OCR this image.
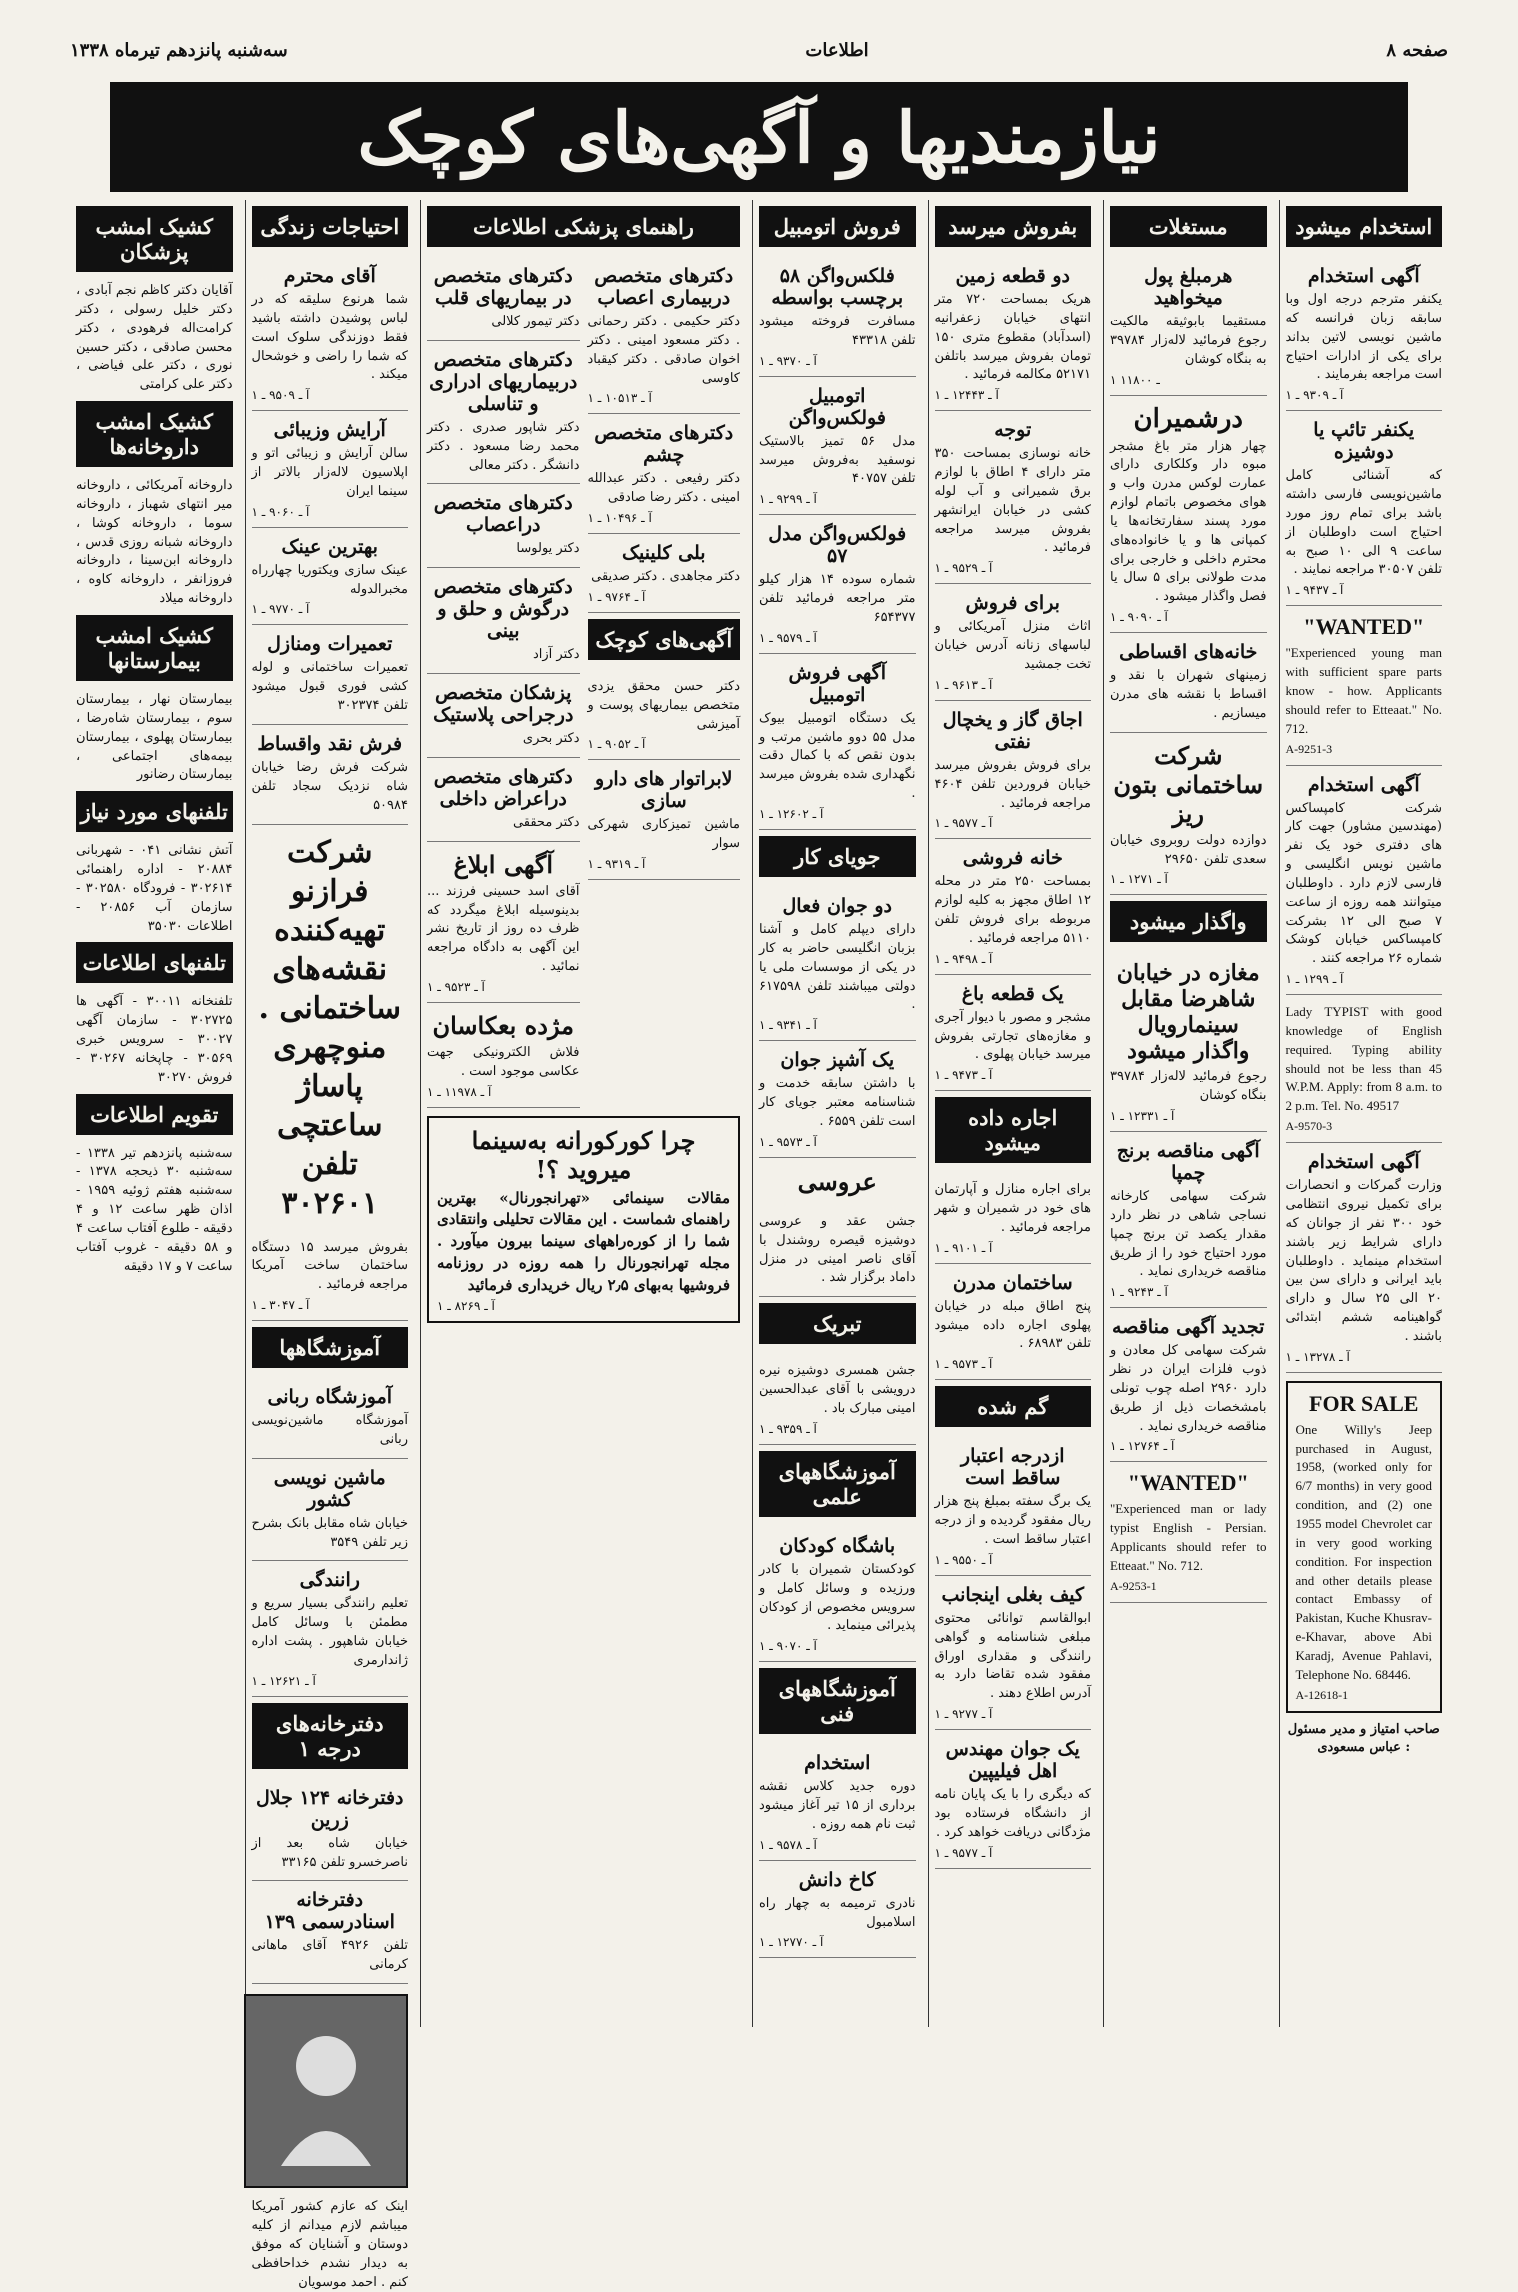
صفحه ۸
اطلاعات
سه‌شنبه پانزدهم تیرماه ۱۳۳۸
نیازمندیها و آگهی‌های کوچک
استخدام میشود
آگهی استخدام
یکنفر مترجم درجه اول وبا سابقه زبان فرانسه که ماشین نویسی لاتین بداند برای یکی از ادارات احتیاج است مراجعه بفرمایند .
آ ـ ۹۳۰۹ ـ ۱
یکنفر تائپ یا دوشیزه
که آشنائی کامل ماشین‌نویسی فارسی داشته باشد برای تمام روز مورد احتیاج است داوطلبان از ساعت ۹ الی ۱۰ صبح به تلفن ۳۰۵۰۷ مراجعه نمایند .
آ ـ ۹۴۳۷ ـ ۱
"WANTED"
"Experienced young man with sufficient spare parts know - how. Applicants should refer to Etteaat." No. 712.
A-9251-3
آگهی استخدام
شرکت کامپساکس (مهندسین مشاور) جهت کار های دفتری خود یک نفر ماشین نویس انگلیسی و فارسی لازم دارد . داوطلبان میتوانند همه روزه از ساعت ۷ صبح الی ۱۲ بشرکت کامپساکس خیابان کوشک شماره ۲۶ مراجعه کنند .
آ ـ ۱۲۹۹ ـ ۱
Lady TYPIST with good knowledge of English required. Typing ability should not be less than 45 W.P.M. Apply: from 8 a.m. to 2 p.m. Tel. No. 49517
A-9570-3
آگهی استخدام
وزارت گمرکات و انحصارات برای تکمیل نیروی انتظامی خود ۳۰۰ نفر از جوانان که دارای شرایط زیر باشند استخدام مینماید . داوطلبان باید ایرانی و دارای سن بین ۲۰ الی ۲۵ سال و دارای گواهینامه ششم ابتدائی باشند .
آ ـ ۱۳۲۷۸ ـ ۱
FOR SALE
One Willy's Jeep purchased in August, 1958, (worked only for 6/7 months) in very good condition, and (2) one 1955 model Chevrolet car in very good working condition. For inspection and other details please contact Embassy of Pakistan, Kuche Khusrav-e-Khavar, above Abi Karadj, Avenue Pahlavi, Telephone No. 68446.
A-12618-1
صاحب امتیاز و مدیر مسئول : عباس مسعودی
مستغلات
هرمبلغ پول میخواهید
مستقیما بابوثیقه مالکیت رجوع فرمائید لاله‌زار ۳۹۷۸۴ به بنگاه کوشان
۱ ـ ۱۱۸۰۰
درشمیران
چهار هزار متر باغ مشجر مبوه دار وکلکاری دارای عمارت لوکس مدرن واب و هوای مخصوص باتمام لوازم مورد پسند سفارتخانه‌ها یا کمپانی ها و یا خانواده‌های محترم داخلی و خارجی برای مدت طولانی برای ۵ سال یا فصل واگذار میشود .
آ ـ ۹۰۹۰ ـ ۱
خانه‌های اقساطی
زمینهای شهران با نقد و اقساط با نقشه های مدرن میسازیم .
شرکت ساختمانی بتون ریز
دوازده دولت روبروی خیابان سعدی تلفن ۲۹۶۵۰
آ ـ ۱۲۷۱ ـ ۱
واگذار میشود
مغازه در خیابان شاهرضا مقابل سینمارویال واگذار میشود
رجوع فرمائید لاله‌زار ۳۹۷۸۴ بنگاه کوشان
آ ـ ۱۲۳۳۱ ـ ۱
آگهی مناقصه برنج چمپا
شرکت سهامی کارخانه نساجی شاهی در نظر دارد مقدار یکصد تن برنج چمپا مورد احتیاج خود را از طریق مناقصه خریداری نماید .
آ ـ ۹۲۴۳ ـ ۱
تجدید آگهی مناقصه
شرکت سهامی کل معادن و ذوب فلزات ایران در نظر دارد ۲۹۶۰ اصله چوب تونلی بامشخصات ذیل از طریق مناقصه خریداری نماید .
آ ـ ۱۲۷۶۴ ـ ۱
"WANTED"
"Experienced man or lady typist English - Persian. Applicants should refer to Etteaat." No. 712.
A-9253-1
بفروش میرسد
دو قطعه زمین
هریک بمساحت ۷۲۰ متر انتهای خیابان زعفرانیه (اسدآباد) مقطوع متری ۱۵۰ تومان بفروش میرسد باتلفن ۵۲۱۷۱ مکالمه فرمائید .
آ ـ ۱۲۴۴۳ ـ ۱
توجه
خانه نوسازی بمساحت ۳۵۰ متر دارای ۴ اطاق با لوازم برق شمیرانی و آب لوله کشی در خیابان ایرانشهر بفروش میرسد مراجعه فرمائید .
آ ـ ۹۵۲۹ ـ ۱
برای فروش
اثاث منزل آمریکائی و لباسهای زنانه آدرس خیابان تخت جمشید
آ ـ ۹۶۱۳ ـ ۱
اجاق گاز و یخچال نفتی
برای فروش بفروش میرسد خیابان فروردین تلفن ۴۶۰۴ مراجعه فرمائید .
آ ـ ۹۵۷۷ ـ ۱
خانه فروشی
بمساحت ۲۵۰ متر در محله ۱۲ اطاق مجهز به کلیه لوازم مربوطه برای فروش تلفن ۵۱۱۰ مراجعه فرمائید .
آ ـ ۹۴۹۸ ـ ۱
یک قطعه باغ
مشجر و مصور با دیوار آجری و مغازه‌های تجارتی بفروش میرسد خیابان پهلوی .
آ ـ ۹۴۷۳ ـ ۱
اجاره داده میشود
برای اجاره منازل و آپارتمان های خود در شمیران و شهر مراجعه فرمائید .
آ ـ ۹۱۰۱ ـ ۱
ساختمان مدرن
پنج اطاق مبله در خیابان پهلوی اجاره داده میشود تلفن ۶۸۹۸۳ .
آ ـ ۹۵۷۳ ـ ۱
گم شده
ازدرجه اعتبار ساقط است
یک برگ سفته بمبلغ پنج هزار ریال مفقود گردیده و از درجه اعتبار ساقط است .
آ ـ ۹۵۵۰ ـ ۱
کیف بغلی اینجانب
ابوالقاسم توانائی محتوی مبلغی شناسنامه و گواهی رانندگی و مقداری اوراق مفقود شده تقاضا دارد به آدرس اطلاع دهند .
آ ـ ۹۲۷۷ ـ ۱
یک جوان مهندس اهل فیلیپین
که دیگری را با یک پایان نامه از دانشگاه فرستاده بود مژدگانی دریافت خواهد کرد .
آ ـ ۹۵۷۷ ـ ۱
فروش اتومبیل
فلکس‌واگن ۵۸ برچسب بواسطه
مسافرت فروخته میشود تلفن ۴۳۳۱۸
آ ـ ۹۳۷۰ ـ ۱
اتومبیل فولکس‌واگن
مدل ۵۶ تمیز بالاستیک نوسفید به‌فروش میرسد تلفن ۴۰۷۵۷
آ ـ ۹۲۹۹ ـ ۱
فولکس‌واگن مدل ۵۷
شماره سوده ۱۴ هزار کیلو متر مراجعه فرمائید تلفن ۶۵۴۳۷۷
آ ـ ۹۵۷۹ ـ ۱
آگهی فروش اتومبیل
یک دستگاه اتومبیل بیوک مدل ۵۵ دوو ماشین مرتب و بدون نقص که با کمال دقت نگهداری شده بفروش میرسد .
آ ـ ۱۲۶۰۲ ـ ۱
جویای کار
دو جوان فعال
دارای دیپلم کامل و آشنا بزبان انگلیسی حاضر به کار در یکی از موسسات ملی یا دولتی میباشند تلفن ۶۱۷۵۹۸ .
آ ـ ۹۳۴۱ ـ ۱
یک آشپز جوان
با داشتن سابقه خدمت و شناسنامه معتبر جویای کار است تلفن ۶۵۵۹ .
آ ـ ۹۵۷۳ ـ ۱
عروسی
جشن عقد و عروسی دوشیزه قیصره روشندل با آقای ناصر امینی در منزل داماد برگزار شد .
تبریک
جشن همسری دوشیزه نیره درویشی با آقای عبدالحسین امینی مبارک باد .
آ ـ ۹۳۵۹ ـ ۱
آموزشگاههای علمی
باشگاه کودکان
کودکستان شمیران با کادر ورزیده و وسائل کامل و سرویس مخصوص از کودکان پذیرائی مینماید .
آ ـ ۹۰۷۰ ـ ۱
آموزشگاههای فنی
استخدام
دوره جدید کلاس نقشه برداری از ۱۵ تیر آغاز میشود ثبت نام همه روزه .
آ ـ ۹۵۷۸ ـ ۱
کاخ دانش
نادری ترمیمه به چهار راه اسلامبول
آ ـ ۱۲۷۷۰ ـ ۱
راهنمای پزشکی اطلاعات
دکترهای متخصص دربیماری اعصاب
دکتر حکیمی . دکتر رحمانی . دکتر مسعود امینی . دکتر اخوان صادقی . دکتر کیقباد کاوسی
آ ـ ۱۰۵۱۳ ـ ۱
دکترهای متخصص چشم
دکتر رفیعی . دکتر عبدالله امینی . دکتر رضا صادقی
آ ـ ۱۰۴۹۶ ـ ۱
بلی کلینیک
دکتر مجاهدی . دکتر صدیقی
آ ـ ۹۷۶۴ ـ ۱
آگهی‌های کوچک
دکتر حسن محقق یزدی متخصص بیماریهای پوست و آمیزشی
آ ـ ۹۰۵۲ ـ ۱
لابراتوار های دارو سازی
ماشین تمیزکاری شهرکی سوار
آ ـ ۹۳۱۹ ـ ۱
دکترهای متخصص در بیماریهای قلب
دکتر تیمور کلالی
دکترهای متخصص دربیماریهای ادراری و تناسلی
دکتر شاپور صدری . دکتر محمد رضا مسعود . دکتر دانشگر . دکتر معالی
دکترهای متخصص دراعصاب
دکتر یولوسا
دکترهای متخصص درگوش و حلق و بینی
دکتر آزاد
پزشکان متخصص درجراحی پلاستیک
دکتر بحری
دکترهای متخصص دراعراض داخلی
دکتر محققی
آگهی ابلاغ
آقای اسد حسینی فرزند ... بدینوسیله ابلاغ میگردد که ظرف ده روز از تاریخ نشر این آگهی به دادگاه مراجعه نمائید .
آ ـ ۹۵۲۳ ـ ۱
مژده بعکاسان
فلاش الکترونیکی جهت عکاسی موجود است .
آ ـ ۱۱۹۷۸ ـ ۱
چرا کورکورانه به‌سینما میروید ؟!
مقالات سینمائی «تهرانجورنال» بهترین راهنمای شماست . این مقالات تحلیلی وانتقادی شما را از کوره‌راههای سینما بیرون میآورد . مجله تهرانجورنال را همه روزه در روزنامه فروشیها به‌بهای ۲٫۵ ریال خریداری فرمائید
آ ـ ۸۲۶۹ ـ ۱
احتیاجات زندگی
آقای محترم
شما هرنوع سلیقه که در لباس پوشیدن داشته باشید فقط دوزندگی سلوک است که شما را راضی و خوشحال میکند .
آ ـ ۹۵۰۹ ـ ۱
آرایش وزیبائی
سالن آرایش و زیبائی اتو و اپلاسیون لاله‌زار بالاتر از سینما ایران
آ ـ ۹۰۶۰ ـ ۱
بهترین عینک
عینک سازی ویکتوریا چهارراه مخبرالدوله
آ ـ ۹۷۷۰ ـ ۱
تعمیرات ومنازل
تعمیرات ساختمانی و لوله کشی فوری قبول میشود تلفن ۳۰۲۳۷۴
فرش نقد واقساط
شرکت فرش رضا خیابان شاه نزدیک سجاد تلفن ۵۰۹۸۴
شرکت فرازنو تهیه‌کننده نقشه‌های ساختمانی . منوچهری پاساژ ساعتچی تلفن ۳۰۲۶۰۱
بفروش میرسد ۱۵ دستگاه ساختمان ساخت آمریکا مراجعه فرمائید .
آ ـ ۳۰۴۷ ـ ۱
آموزشگاهها
آموزشگاه ربانی
آموزشگاه ماشین‌نویسی ربانی
ماشین نویسی کشور
خیابان شاه مقابل بانک بشرح زیر تلفن ۳۵۴۹
رانندگی
تعلیم رانندگی بسیار سریع و مطمئن با وسائل کامل خیابان شاهپور . پشت اداره ژاندارمری
آ ـ ۱۲۶۲۱ ـ ۱
دفترخانه‌های درجه ۱
دفترخانه ۱۲۴ جلال زرین
خیابان شاه بعد از ناصرخسرو تلفن ۳۳۱۶۵
دفترخانه اسنادرسمی ۱۳۹
تلفن ۴۹۲۶ آقای ماهانی کرمانی
اینک که عازم کشور آمریکا میباشم لازم میدانم از کلیه دوستان و آشنایان که موفق به دیدار نشدم خداحافظی کنم . احمد موسویان
کشیک امشب پزشکان
آقایان دکتر کاظم نجم آبادی ، دکتر خلیل رسولی ، دکتر کرامت‌اله فرهودی ، دکتر محسن صادقی ، دکتر حسین نوری ، دکتر علی فیاضی ، دکتر علی کرامتی
کشیک امشب داروخانه‌ها
داروخانه آمریکائی ، داروخانه میر انتهای شهباز ، داروخانه سوما ، داروخانه کوشا ، داروخانه شبانه روزی قدس ، داروخانه ابن‌سینا ، داروخانه فروزانفر ، داروخانه کاوه ، داروخانه میلاد
کشیک امشب بیمارستانها
بیمارستان نهار ، بیمارستان سوم ، بیمارستان شاه‌رضا ، بیمارستان پهلوی ، بیمارستان بیمه‌های اجتماعی ، بیمارستان رضانور
تلفنهای مورد نیاز
آتش نشانی ۰۴۱ - شهربانی ۲۰۸۸۴ - اداره راهنمائی ۳۰۲۶۱۴ - فرودگاه ۳۰۲۵۸۰ - سازمان آب ۲۰۸۵۶ - اطلاعات ۳۵۰۳۰
تلفنهای اطلاعات
تلفنخانه ۳۰۰۱۱ - آگهی ها ۳۰۲۷۲۵ - سازمان آگهی ۳۰۰۲۷ - سرویس خبری ۳۰۵۶۹ - چاپخانه ۳۰۲۶۷ - فروش ۳۰۲۷۰
تقویم اطلاعات
سه‌شنبه پانزدهم تیر ۱۳۳۸ - سه‌شنبه ۳۰ ذیحجه ۱۳۷۸ - سه‌شنبه هفتم ژوئیه ۱۹۵۹ - اذان ظهر ساعت ۱۲ و ۴ دقیقه - طلوع آفتاب ساعت ۴ و ۵۸ دقیقه - غروب آفتاب ساعت ۷ و ۱۷ دقیقه
